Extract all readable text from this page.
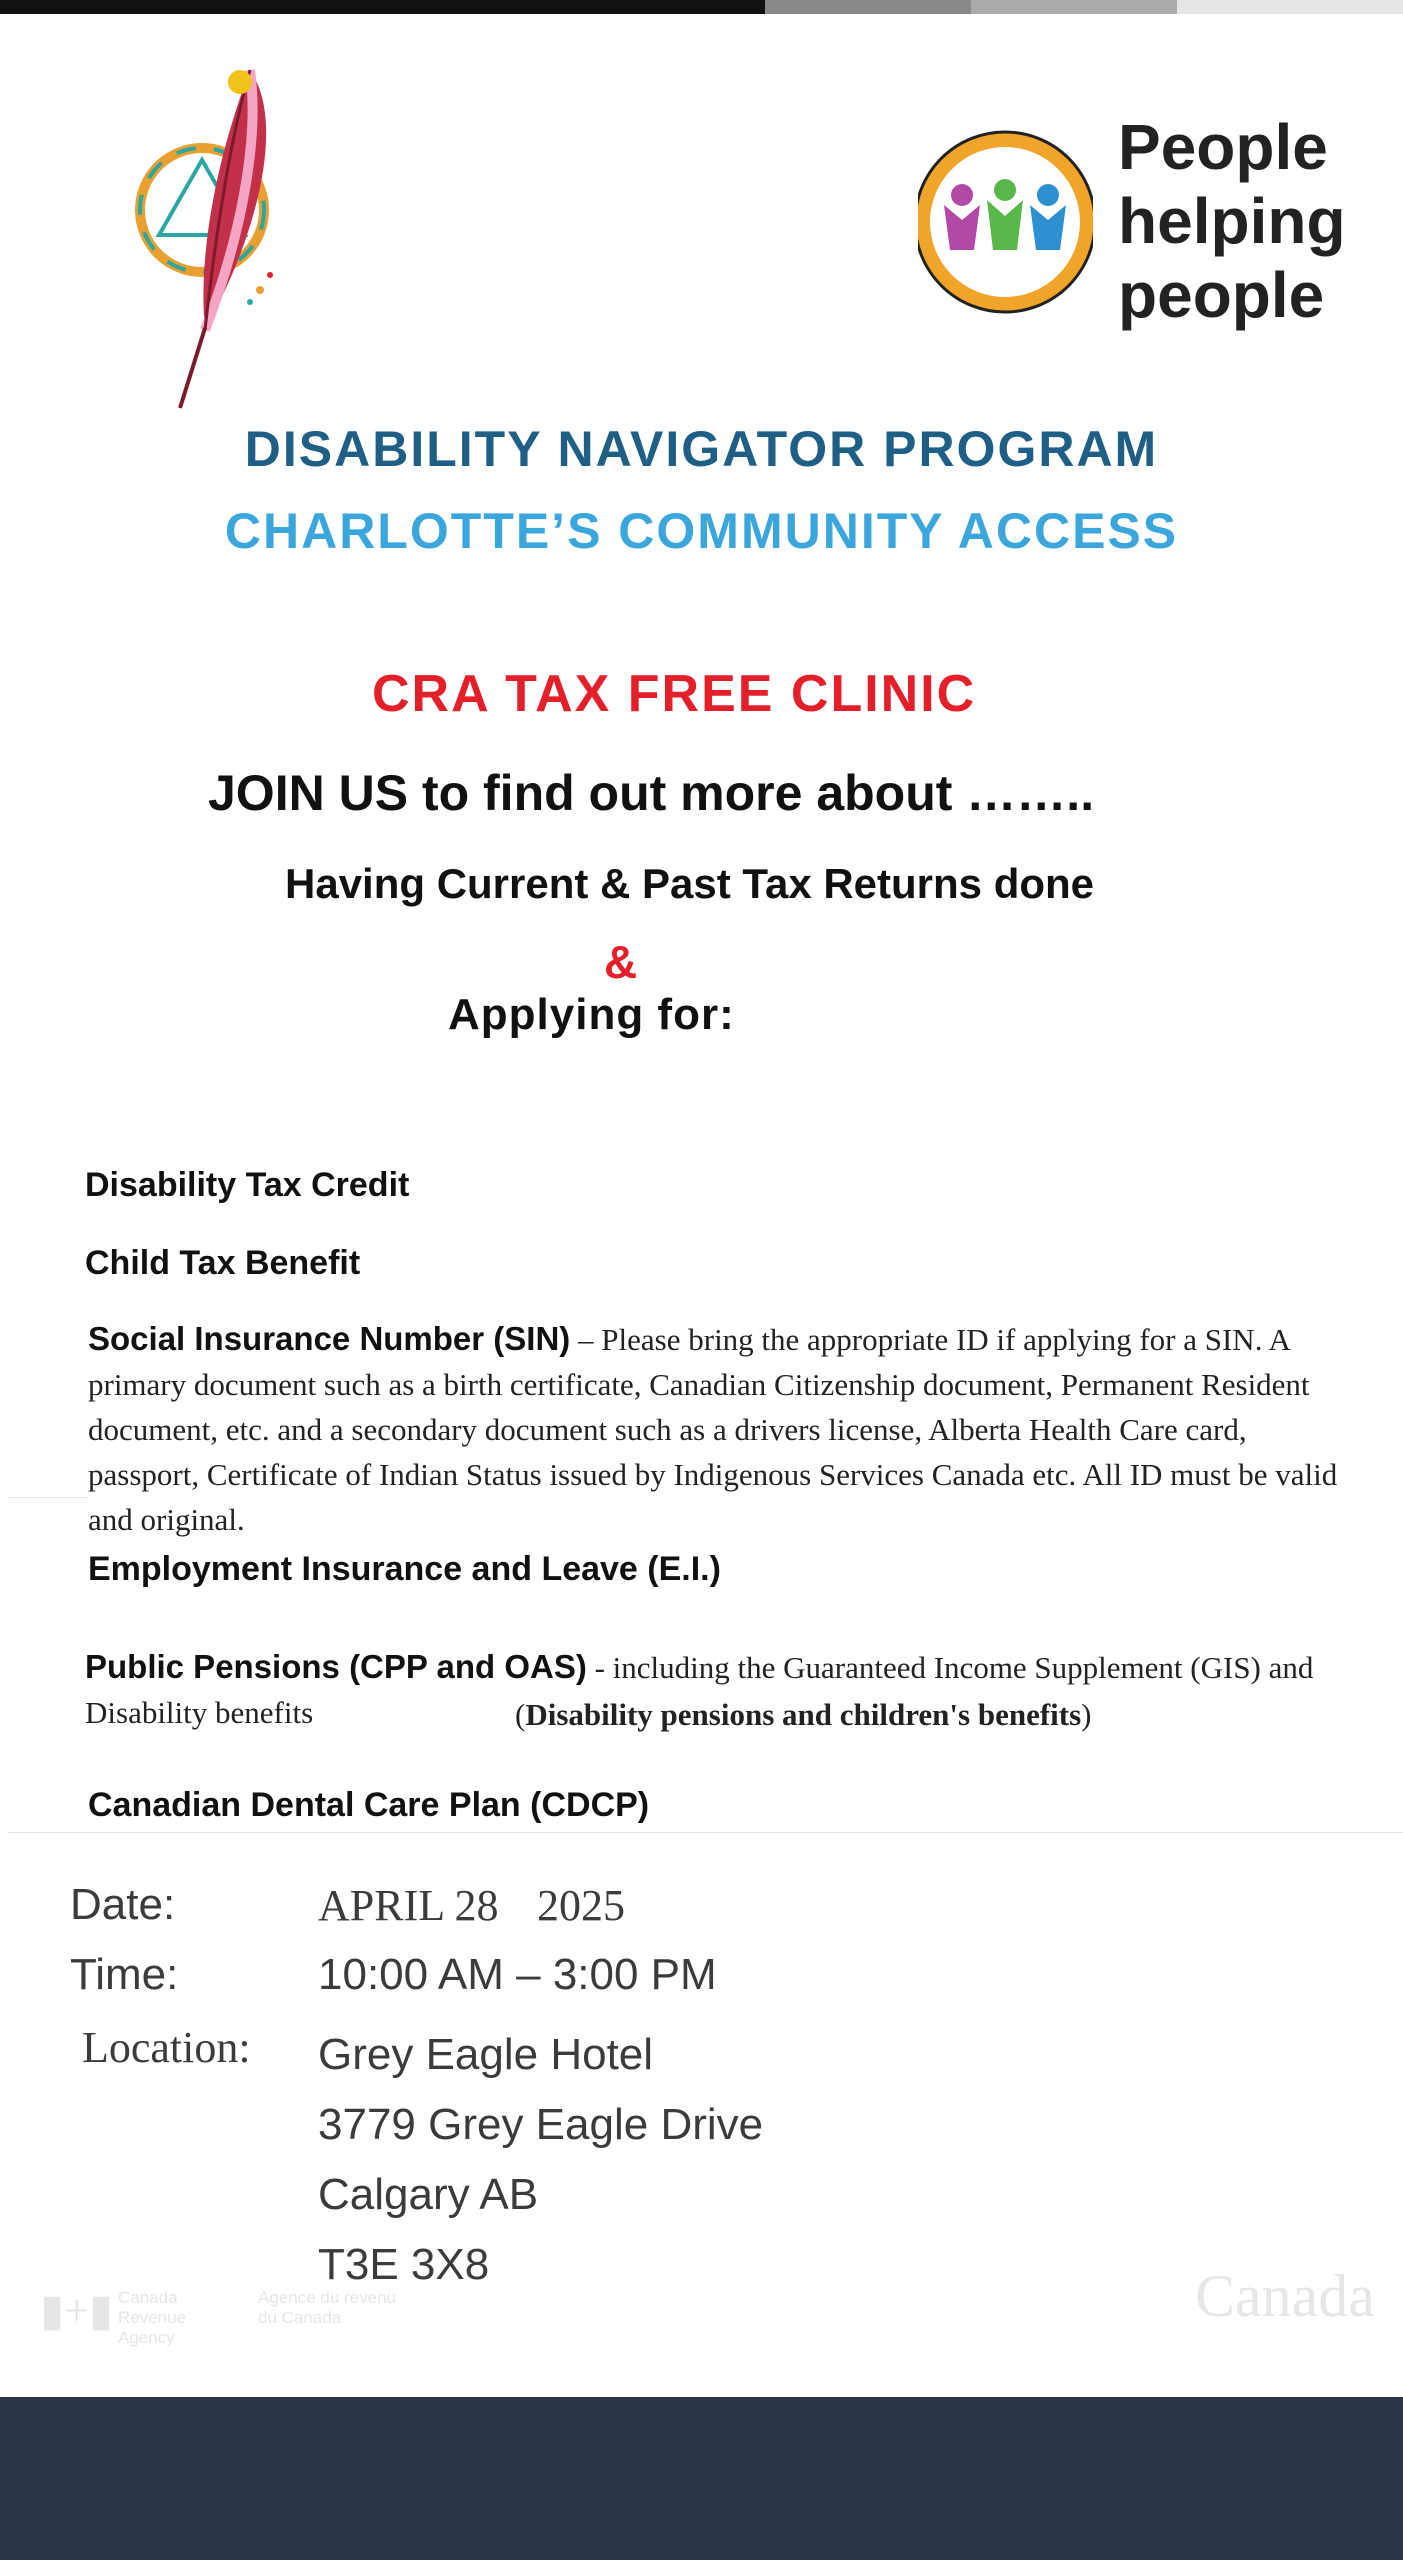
People
helping
people
DISABILITY NAVIGATOR PROGRAM
CHARLOTTE’S COMMUNITY ACCESS
CRA TAX FREE CLINIC
JOIN US to find out more about ……..
Having Current & Past Tax Returns done
&
Applying for:
Disability Tax Credit
Child Tax Benefit
Social Insurance Number (SIN) – Please bring the appropriate ID if applying for a SIN. A primary document such as a birth certificate, Canadian Citizenship document, Permanent Resident document, etc. and a secondary document such as a drivers license, Alberta Health Care card, passport, Certificate of Indian Status issued by Indigenous Services Canada etc. All ID must be valid and original.
Employment Insurance and Leave (E.I.)
Public Pensions (CPP and OAS) - including the Guaranteed Income Supplement (GIS) and Disability benefits	(Disability pensions and children's benefits)
Canadian Dental Care Plan (CDCP)
Date:	APRIL 28 2025
Time:	10:00 AM – 3:00 PM
Location: Grey Eagle Hotel
3779 Grey Eagle Drive
Calgary AB
T3E 3X8
▮+▮ Canada Revenue Agency
Agence du revenu du Canada	Canada
